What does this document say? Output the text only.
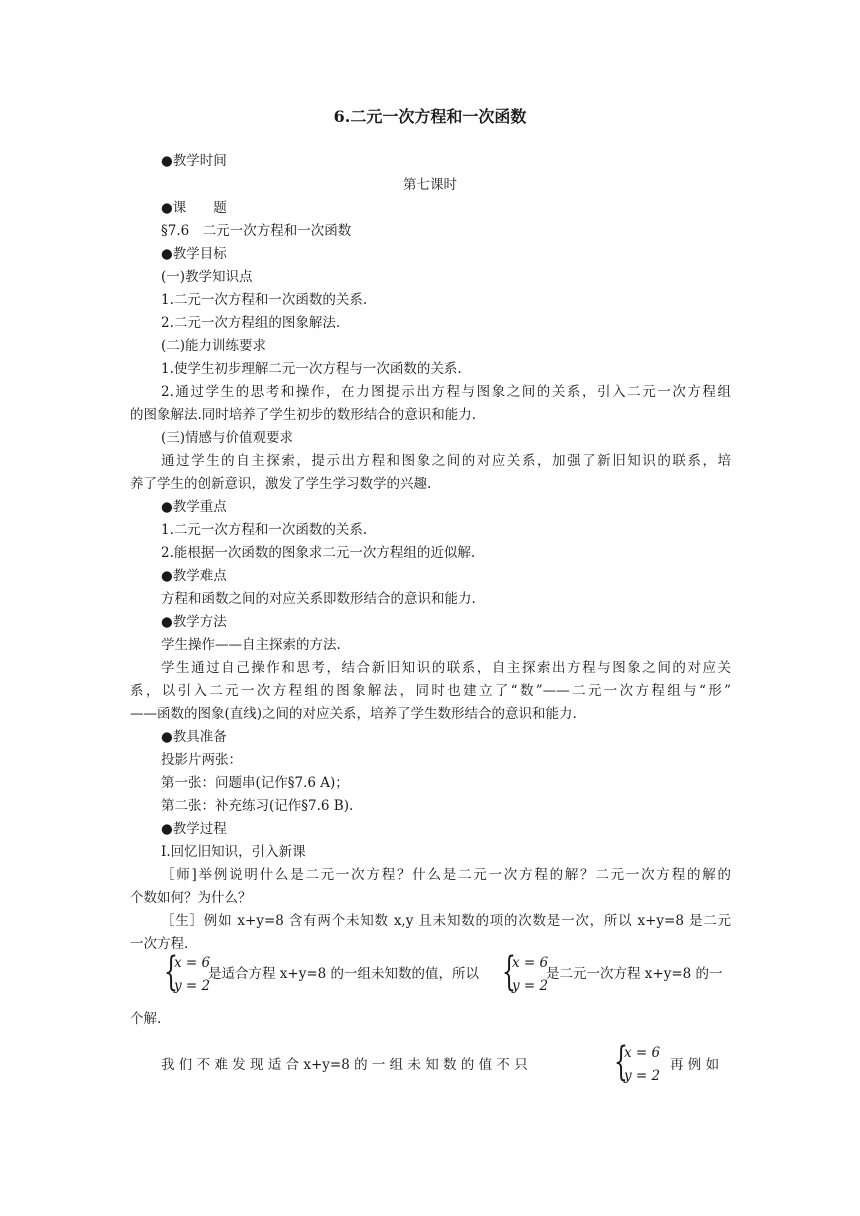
6.二元一次方程和一次函数
●教学时间
第七课时
●课　　题
§7.6　二元一次方程和一次函数
●教学目标
(一)教学知识点
1.二元一次方程和一次函数的关系.
2.二元一次方程组的图象解法.
(二)能力训练要求
1.使学生初步理解二元一次方程与一次函数的关系.
2.通过学生的思考和操作，在力图提示出方程与图象之间的关系，引入二元一次方程组
的图象解法.同时培养了学生初步的数形结合的意识和能力.
(三)情感与价值观要求
通过学生的自主探索，提示出方程和图象之间的对应关系，加强了新旧知识的联系，培
养了学生的创新意识，激发了学生学习数学的兴趣.
●教学重点
1.二元一次方程和一次函数的关系.
2.能根据一次函数的图象求二元一次方程组的近似解.
●教学难点
方程和函数之间的对应关系即数形结合的意识和能力.
●教学方法
学生操作——自主探索的方法.
学生通过自己操作和思考，结合新旧知识的联系，自主探索出方程与图象之间的对应关
系，以引入二元一次方程组的图象解法，同时也建立了“数”——二元一次方程组与“形”
——函数的图象(直线)之间的对应关系，培养了学生数形结合的意识和能力.
●教具准备
投影片两张：
第一张：问题串(记作§7.6 A)；
第二张：补充练习(记作§7.6 B).
●教学过程
Ⅰ.回忆旧知识，引入新课
［师]举例说明什么是二元一次方程？什么是二元一次方程的解？二元一次方程的解的
个数如何？为什么？
［生］例如 x+y=8 含有两个未知数 x,y 且未知数的项的次数是一次，所以 x+y=8 是二元
一次方程.
{
x = 6
y = 2
是适合方程 x+y=8 的一组未知数的值，所以 {
x = 6
y = 2
是二元一次方程 x+y=8 的一
个解.
我 们 不 难 发 现 适 合 x+y=8 的 一 组 未 知 数 的 值 不 只	{
x = 6
y = 2
再 例 如
